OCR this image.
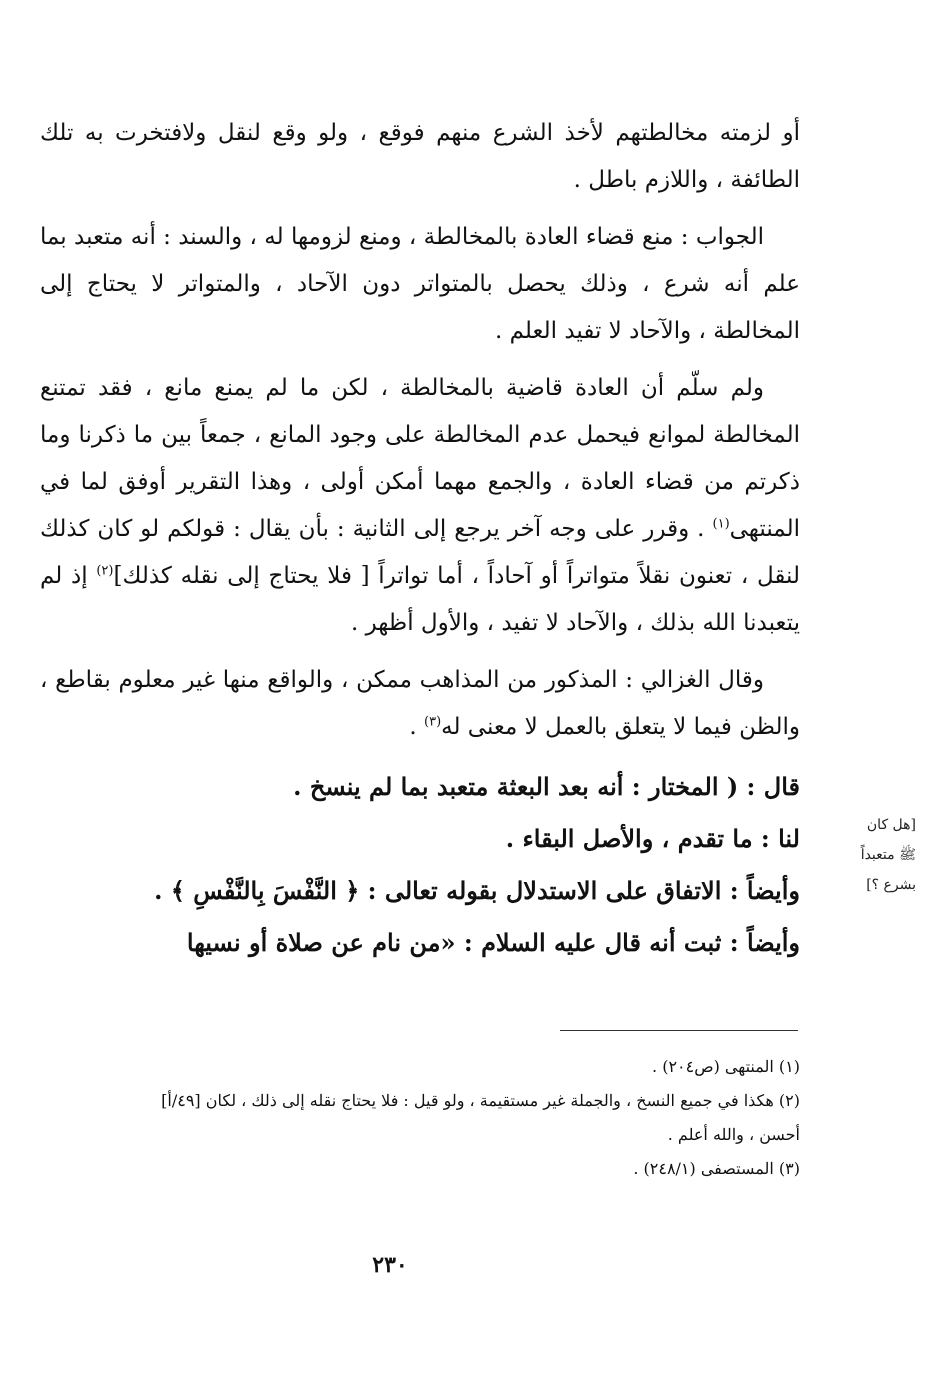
أو لزمته مخالطتهم لأخذ الشرع منهم فوقع ، ولو وقع لنقل ولافتخرت به تلك الطائفة ، واللازم باطل .

الجواب : منع قضاء العادة بالمخالطة ، ومنع لزومها له ، والسند : أنه متعبد بما علم أنه شرع ، وذلك يحصل بالمتواتر دون الآحاد ، والمتواتر لا يحتاج إلى المخالطة ، والآحاد لا تفيد العلم .

ولم سلّم أن العادة قاضية بالمخالطة ، لكن ما لم يمنع مانع ، فقد تمتنع المخالطة لموانع فيحمل عدم المخالطة على وجود المانع ، جمعاً بين ما ذكرنا وما ذكرتم من قضاء العادة ، والجمع مهما أمكن أولى ، وهذا التقرير أوفق لما في المنتهى$^{(١)}$ . وقرر على وجه آخر يرجع إلى الثانية : بأن يقال : قولكم لو كان كذلك لنقل ، تعنون نقلاً متواتراً أو آحاداً ، أما تواتراً [ فلا يحتاج إلى نقله كذلك]$^{(٢)}$ إذ لم يتعبدنا الله بذلك ، والآحاد لا تفيد ، والأول أظهر .

وقال الغزالي : المذكور من المذاهب ممكن ، والواقع منها غير معلوم بقاطع ، والظن فيما لا يتعلق بالعمل لا معنى له$^{(٣)}$ .

قال : ( المختار : أنه بعد البعثة متعبد بما لم ينسخ .

لنا : ما تقدم ، والأصل البقاء .

وأيضاً : الاتفاق على الاستدلال بقوله تعالى : ﴿ النَّفْسَ بِالنَّفْسِ ﴾ .

وأيضاً : ثبت أنه قال عليه السلام : «من نام عن صلاة أو نسيها

[هل كان
ﷺ متعبداً
بشرع ؟]

(١) المنتهى (ص٢٠٤) .

(٢) هكذا في جميع النسخ ، والجملة غير مستقيمة ، ولو قيل : فلا يحتاج نقله إلى ذلك ، لكان [٤٩/أ]

أحسن ، والله أعلم .

(٣) المستصفى (٢٤٨/١) .

٢٣٠
